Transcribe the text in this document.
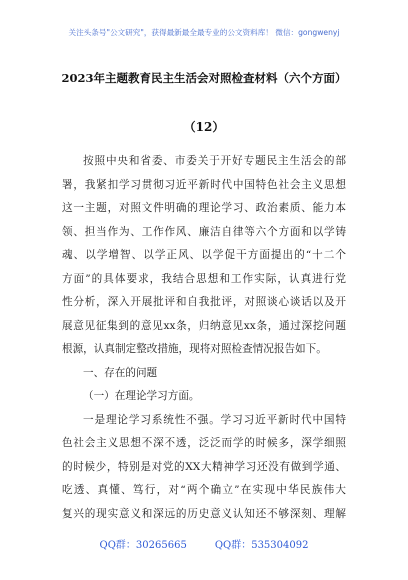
关注头条号"公文研究"，获得最新最全最专业的公文资料库！ 微信：gongwenyj
2023年主题教育民主生活会对照检查材料（六个方面）
（12）
按照中央和省委、市委关于开好专题民主生活会的部
署，我紧扣学习贯彻习近平新时代中国特色社会主义思想
这一主题，对照文件明确的理论学习、政治素质、能力本
领、担当作为、工作作风、廉洁自律等六个方面和以学铸
魂、以学增智、以学正风、以学促干方面提出的“十二个
方面”的具体要求，我结合思想和工作实际，认真进行党
性分析，深入开展批评和自我批评，对照谈心谈话以及开
展意见征集到的意见xx条，归纳意见xx条，通过深挖问题
根源，认真制定整改措施，现将对照检查情况报告如下。
一、存在的问题
（一）在理论学习方面。
一是理论学习系统性不强。学习习近平新时代中国特
色社会主义思想不深不透，泛泛而学的时候多，深学细照
的时候少，特别是对党的XX大精神学习还没有做到学通、
吃透、真懂、笃行，对“两个确立”在实现中华民族伟大
复兴的现实意义和深远的历史意义认知还不够深刻、理解
QQ群：30265665	QQ群：535304092
